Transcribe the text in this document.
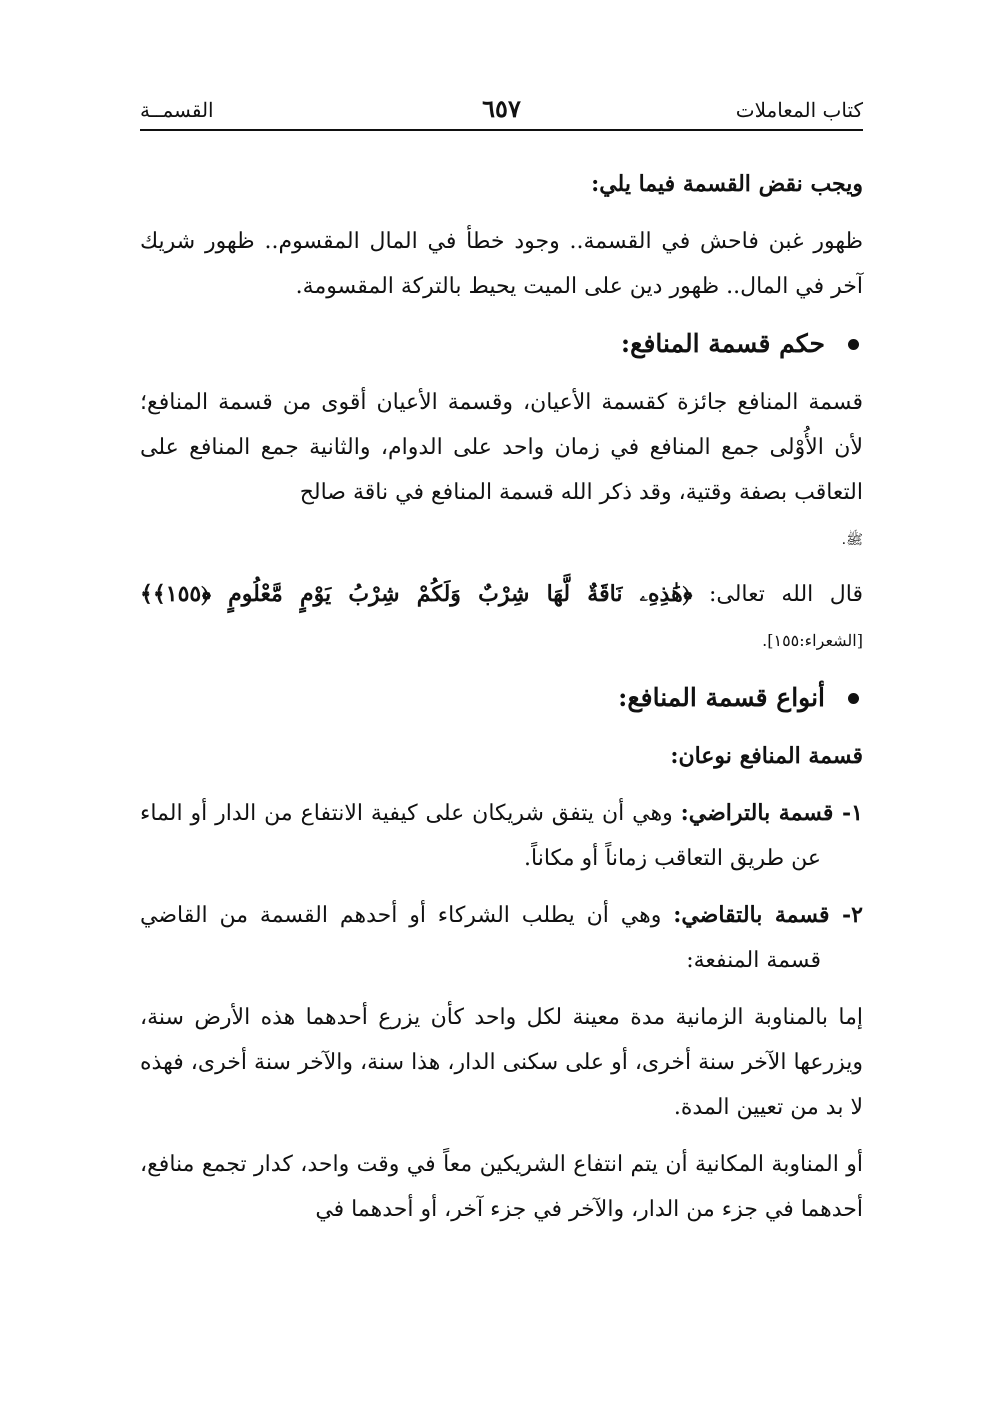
كتاب المعاملات
٦٥٧
القسمــة

ويجب نقض القسمة فيما يلي:

ظهور غبن فاحش في القسمة.. وجود خطأ في المال المقسوم.. ظهور شريك آخر في المال.. ظهور دين على الميت يحيط بالتركة المقسومة.

حكم قسمة المنافع:

قسمة المنافع جائزة كقسمة الأعيان، وقسمة الأعيان أقوى من قسمة المنافع؛ لأن الأُوْلى جمع المنافع في زمان واحد على الدوام، والثانية جمع المنافع على التعاقب بصفة وقتية، وقد ذكر الله قسمة المنافع في ناقة صالح
ﷺ.

قال الله تعالى: ﴿هَٰذِهِۦ نَاقَةٌ لَّهَا شِرْبٌ وَلَكُمْ شِرْبُ يَوْمٍ مَّعْلُومٍ ﴿١٥٥﴾﴾ [الشعراء:١٥٥].

أنواع قسمة المنافع:

قسمة المنافع نوعان:

١- قسمة بالتراضي: وهي أن يتفق شريكان على كيفية الانتفاع من الدار أو الماء عن طريق التعاقب زماناً أو مكاناً.

٢- قسمة بالتقاضي: وهي أن يطلب الشركاء أو أحدهم القسمة من القاضي قسمة المنفعة:

إما بالمناوبة الزمانية مدة معينة لكل واحد كأن يزرع أحدهما هذه الأرض سنة، ويزرعها الآخر سنة أخرى، أو على سكنى الدار، هذا سنة، والآخر سنة أخرى، فهذه لا بد من تعيين المدة.

أو المناوبة المكانية أن يتم انتفاع الشريكين معاً في وقت واحد، كدار تجمع منافع، أحدهما في جزء من الدار، والآخر في جزء آخر، أو أحدهما في
